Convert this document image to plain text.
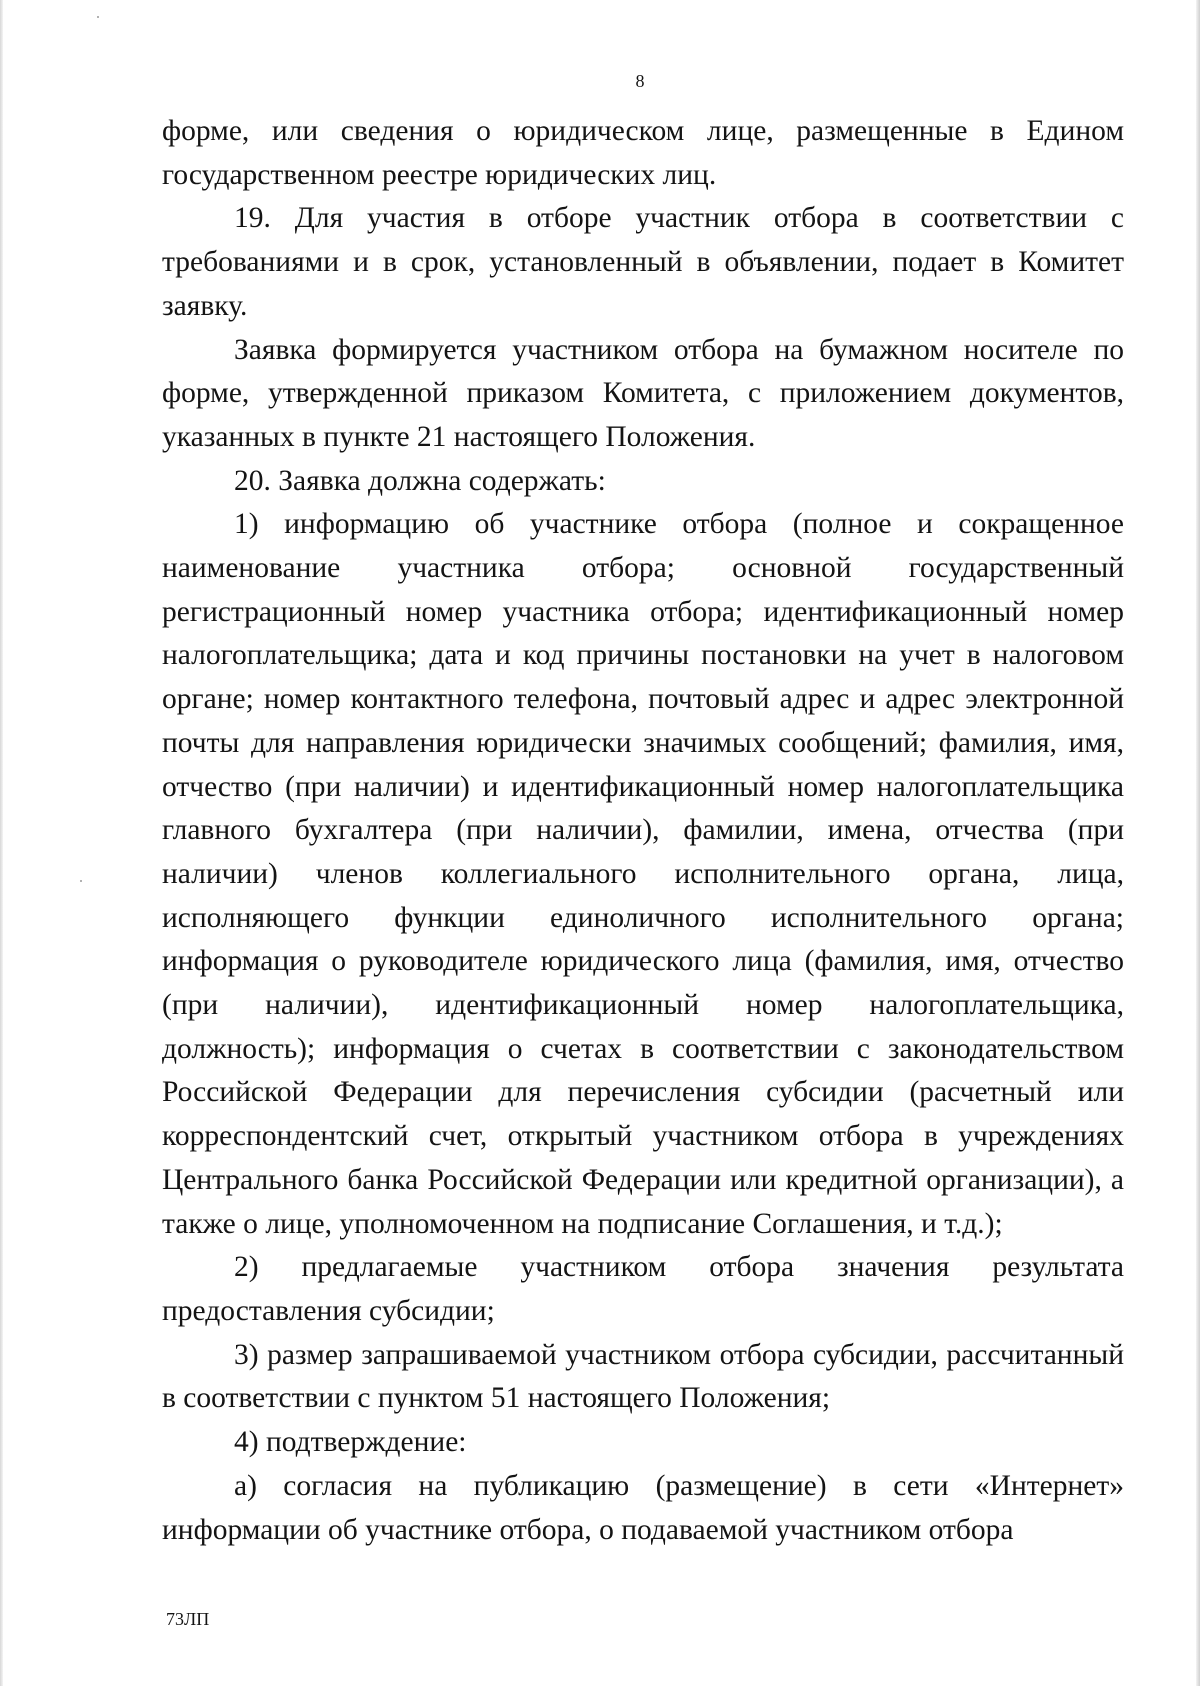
8

форме, или сведения о юридическом лице, размещенные в Едином государственном реестре юридических лиц.

19. Для участия в отборе участник отбора в соответствии с требованиями и в срок, установленный в объявлении, подает в Комитет заявку.

Заявка формируется участником отбора на бумажном носителе по форме, утвержденной приказом Комитета, с приложением документов, указанных в пункте 21 настоящего Положения.

20. Заявка должна содержать:

1) информацию об участнике отбора (полное и сокращенное наименование участника отбора; основной государственный регистрационный номер участника отбора; идентификационный номер налогоплательщика; дата и код причины постановки на учет в налоговом органе; номер контактного телефона, почтовый адрес и адрес электронной почты для направления юридически значимых сообщений; фамилия, имя, отчество (при наличии) и идентификационный номер налогоплательщика главного бухгалтера (при наличии), фамилии, имена, отчества (при наличии) членов коллегиального исполнительного органа, лица, исполняющего функции единоличного исполнительного органа; информация о руководителе юридического лица (фамилия, имя, отчество (при наличии), идентификационный номер налогоплательщика, должность); информация о счетах в соответствии с законодательством Российской Федерации для перечисления субсидии (расчетный или корреспондентский счет, открытый участником отбора в учреждениях Центрального банка Российской Федерации или кредитной организации), а также о лице, уполномоченном на подписание Соглашения, и т.д.);

2) предлагаемые участником отбора значения результата предоставления субсидии;

3) размер запрашиваемой участником отбора субсидии, рассчитанный в соответствии с пунктом 51 настоящего Положения;

4) подтверждение:

а) согласия на публикацию (размещение) в сети «Интернет» информации об участнике отбора, о подаваемой участником отбора

73ЛП
